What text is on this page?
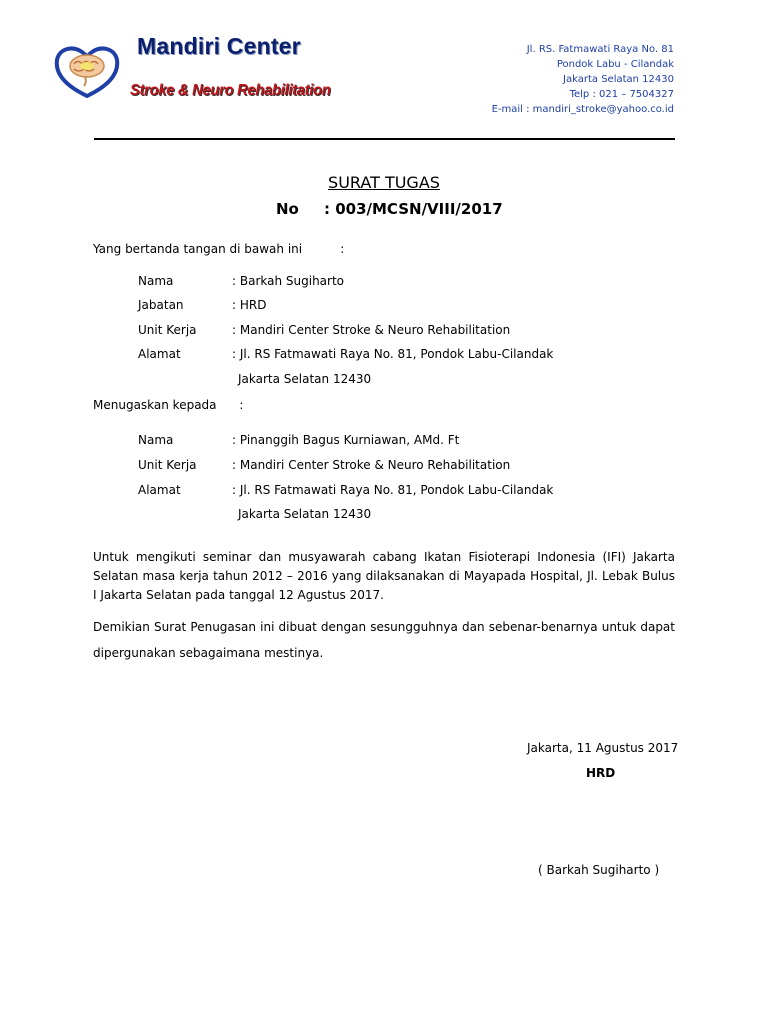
Mandiri Center
Stroke & Neuro Rehabilitation
Jl. RS. Fatmawati Raya No. 81
Pondok Labu - Cilandak
Jakarta Selatan 12430
Telp : 021 – 7504327
E-mail : mandiri_stroke@yahoo.co.id
SURAT TUGAS
No : 003/MCSN/VIII/2017
Yang bertanda tangan di bawah ini          :
Nama	: Barkah Sugiharto
Jabatan	: HRD
Unit Kerja	: Mandiri Center Stroke & Neuro Rehabilitation
Alamat	: Jl. RS Fatmawati Raya No. 81, Pondok Labu-Cilandak
Jakarta Selatan 12430
Menugaskan kepada      :
Nama	: Pinanggih Bagus Kurniawan, AMd. Ft
Unit Kerja	: Mandiri Center Stroke & Neuro Rehabilitation
Alamat	: Jl. RS Fatmawati Raya No. 81, Pondok Labu-Cilandak
Jakarta Selatan 12430
Untuk mengikuti seminar dan musyawarah cabang Ikatan Fisioterapi Indonesia (IFI) Jakarta Selatan masa kerja tahun 2012 – 2016 yang dilaksanakan di Mayapada Hospital, Jl. Lebak Bulus I Jakarta Selatan pada tanggal 12 Agustus 2017.
Demikian Surat Penugasan ini dibuat dengan sesungguhnya dan sebenar-benarnya untuk dapat dipergunakan sebagaimana mestinya.
Jakarta, 11 Agustus 2017
HRD
( Barkah Sugiharto )
